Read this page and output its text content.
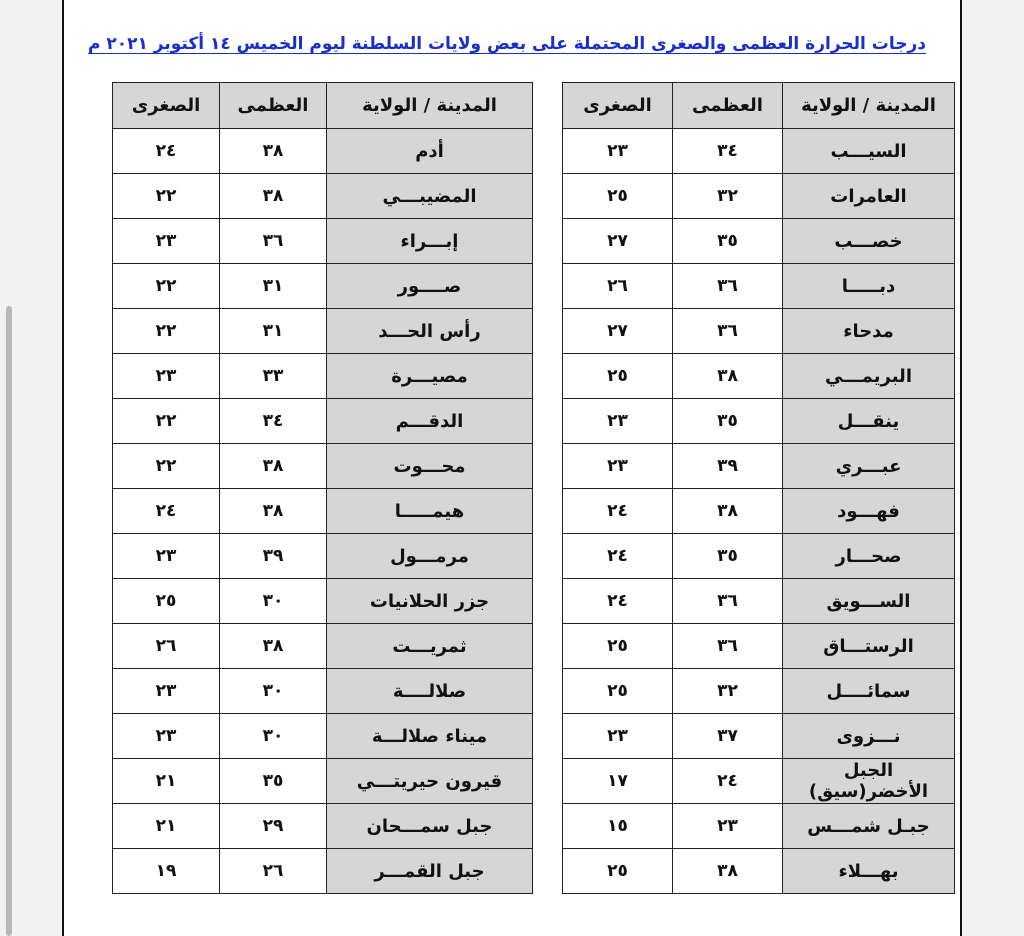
درجات الحرارة العظمى والصغرى المحتملة على بعض ولايات السلطنة ليوم الخميس ١٤ أكتوبر ٢٠٢١ م
المدينة / الولاية	العظمى	الصغرى
السيـــب	٣٤	٢٣
العامرات	٣٢	٢٥
خصـــب	٣٥	٢٧
دبـــــا	٣٦	٢٦
مدحاء	٣٦	٢٧
البريمـــي	٣٨	٢٥
ينقـــل	٣٥	٢٣
عبـــري	٣٩	٢٣
فهـــود	٣٨	٢٤
صحـــار	٣٥	٢٤
الســـويق	٣٦	٢٤
الرستـــاق	٣٦	٢٥
سمائــــل	٣٢	٢٥
نـــزوى	٣٧	٢٣
الجبل الأخضر(سيق)	٢٤	١٧
جبـل شمـــس	٢٣	١٥
بهـــلاء	٣٨	٢٥
المدينة / الولاية	العظمى	الصغرى
أدم	٣٨	٢٤
المضيبـــي	٣٨	٢٢
إبـــراء	٣٦	٢٣
صــــور	٣١	٢٢
رأس الحـــد	٣١	٢٢
مصيـــرة	٣٣	٢٣
الدقـــم	٣٤	٢٢
محـــوت	٣٨	٢٢
هيمـــــا	٣٨	٢٤
مرمـــول	٣٩	٢٣
جزر الحلانيات	٣٠	٢٥
ثمريـــت	٣٨	٢٦
صلالــــة	٣٠	٢٣
ميناء صلالـــة	٣٠	٢٣
قيرون حيريتـــي	٣٥	٢١
جبل سمـــحان	٢٩	٢١
جبل القمـــر	٢٦	١٩
